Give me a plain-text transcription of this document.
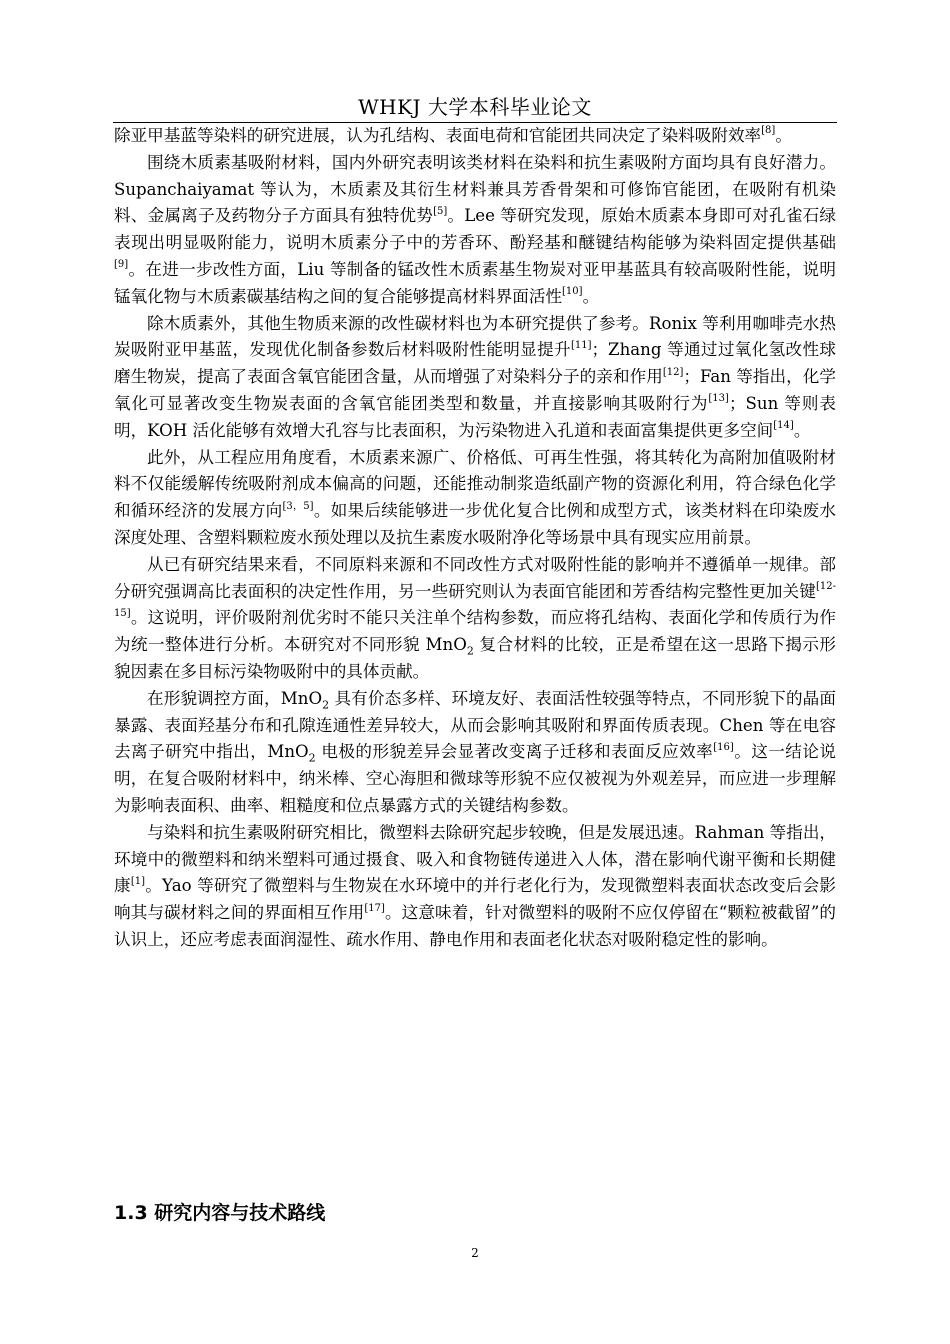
WHKJ 大学本科毕业论文

除亚甲基蓝等染料的研究进展，认为孔结构、表面电荷和官能团共同决定了染料吸附效率[8]。

围绕木质素基吸附材料，国内外研究表明该类材料在染料和抗生素吸附方面均具有良好潜力。Supanchaiyamat 等认为，木质素及其衍生材料兼具芳香骨架和可修饰官能团，在吸附有机染料、金属离子及药物分子方面具有独特优势[5]。Lee 等研究发现，原始木质素本身即可对孔雀石绿表现出明显吸附能力，说明木质素分子中的芳香环、酚羟基和醚键结构能够为染料固定提供基础[9]。在进一步改性方面，Liu 等制备的锰改性木质素基生物炭对亚甲基蓝具有较高吸附性能，说明锰氧化物与木质素碳基结构之间的复合能够提高材料界面活性[10]。

除木质素外，其他生物质来源的改性碳材料也为本研究提供了参考。Ronix 等利用咖啡壳水热炭吸附亚甲基蓝，发现优化制备参数后材料吸附性能明显提升[11]；Zhang 等通过过氧化氢改性球磨生物炭，提高了表面含氧官能团含量，从而增强了对染料分子的亲和作用[12]；Fan 等指出，化学氧化可显著改变生物炭表面的含氧官能团类型和数量，并直接影响其吸附行为[13]；Sun 等则表明，KOH 活化能够有效增大孔容与比表面积，为污染物进入孔道和表面富集提供更多空间[14]。

此外，从工程应用角度看，木质素来源广、价格低、可再生性强，将其转化为高附加值吸附材料不仅能缓解传统吸附剂成本偏高的问题，还能推动制浆造纸副产物的资源化利用，符合绿色化学和循环经济的发展方向[3，5]。如果后续能够进一步优化复合比例和成型方式，该类材料在印染废水深度处理、含塑料颗粒废水预处理以及抗生素废水吸附净化等场景中具有现实应用前景。

从已有研究结果来看，不同原料来源和不同改性方式对吸附性能的影响并不遵循单一规律。部分研究强调高比表面积的决定性作用，另一些研究则认为表面官能团和芳香结构完整性更加关键[12-15]。这说明，评价吸附剂优劣时不能只关注单个结构参数，而应将孔结构、表面化学和传质行为作为统一整体进行分析。本研究对不同形貌 MnO$_2$ 复合材料的比较，正是希望在这一思路下揭示形貌因素在多目标污染物吸附中的具体贡献。

在形貌调控方面，MnO$_2$ 具有价态多样、环境友好、表面活性较强等特点，不同形貌下的晶面暴露、表面羟基分布和孔隙连通性差异较大，从而会影响其吸附和界面传质表现。Chen 等在电容去离子研究中指出，MnO$_2$ 电极的形貌差异会显著改变离子迁移和表面反应效率[16]。这一结论说明，在复合吸附材料中，纳米棒、空心海胆和微球等形貌不应仅被视为外观差异，而应进一步理解为影响表面积、曲率、粗糙度和位点暴露方式的关键结构参数。

与染料和抗生素吸附研究相比，微塑料去除研究起步较晚，但是发展迅速。Rahman 等指出，环境中的微塑料和纳米塑料可通过摄食、吸入和食物链传递进入人体，潜在影响代谢平衡和长期健康[1]。Yao 等研究了微塑料与生物炭在水环境中的并行老化行为，发现微塑料表面状态改变后会影响其与碳材料之间的界面相互作用[17]。这意味着，针对微塑料的吸附不应仅停留在“颗粒被截留”的认识上，还应考虑表面润湿性、疏水作用、静电作用和表面老化状态对吸附稳定性的影响。

1.3 研究内容与技术路线
2
